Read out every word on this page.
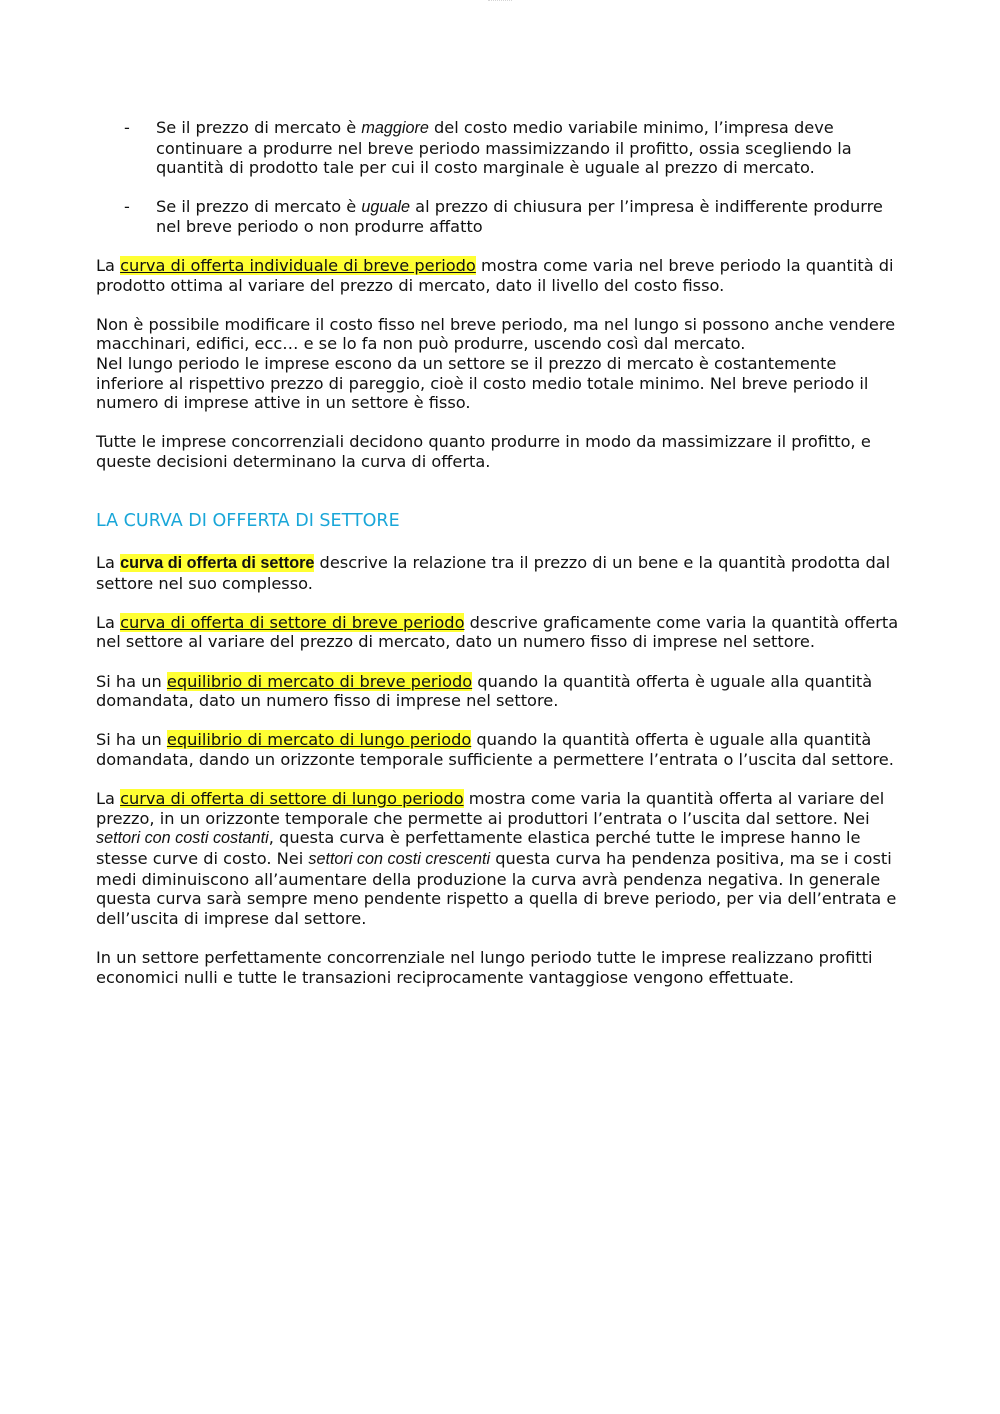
- Se il prezzo di mercato è maggiore del costo medio variabile minimo, l’impresa deve continuare a produrre nel breve periodo massimizzando il profitto, ossia scegliendo la quantità di prodotto tale per cui il costo marginale è uguale al prezzo di mercato.
- Se il prezzo di mercato è uguale al prezzo di chiusura per l’impresa è indifferente produrre nel breve periodo o non produrre affatto

La curva di offerta individuale di breve periodo mostra come varia nel breve periodo la quantità di prodotto ottima al variare del prezzo di mercato, dato il livello del costo fisso.

Non è possibile modificare il costo fisso nel breve periodo, ma nel lungo si possono anche vendere macchinari, edifici, ecc… e se lo fa non può produrre, uscendo così dal mercato.
Nel lungo periodo le imprese escono da un settore se il prezzo di mercato è costantemente inferiore al rispettivo prezzo di pareggio, cioè il costo medio totale minimo. Nel breve periodo il numero di imprese attive in un settore è fisso.

Tutte le imprese concorrenziali decidono quanto produrre in modo da massimizzare il profitto, e queste decisioni determinano la curva di offerta.

LA CURVA DI OFFERTA DI SETTORE

La curva di offerta di settore descrive la relazione tra il prezzo di un bene e la quantità prodotta dal settore nel suo complesso.

La curva di offerta di settore di breve periodo descrive graficamente come varia la quantità offerta nel settore al variare del prezzo di mercato, dato un numero fisso di imprese nel settore.

Si ha un equilibrio di mercato di breve periodo quando la quantità offerta è uguale alla quantità domandata, dato un numero fisso di imprese nel settore.

Si ha un equilibrio di mercato di lungo periodo quando la quantità offerta è uguale alla quantità domandata, dando un orizzonte temporale sufficiente a permettere l’entrata o l’uscita dal settore.

La curva di offerta di settore di lungo periodo mostra come varia la quantità offerta al variare del prezzo, in un orizzonte temporale che permette ai produttori l’entrata o l’uscita dal settore. Nei settori con costi costanti, questa curva è perfettamente elastica perché tutte le imprese hanno le stesse curve di costo. Nei settori con costi crescenti questa curva ha pendenza positiva, ma se i costi medi diminuiscono all’aumentare della produzione la curva avrà pendenza negativa. In generale questa curva sarà sempre meno pendente rispetto a quella di breve periodo, per via dell’entrata e dell’uscita di imprese dal settore.

In un settore perfettamente concorrenziale nel lungo periodo tutte le imprese realizzano profitti economici nulli e tutte le transazioni reciprocamente vantaggiose vengono effettuate.
